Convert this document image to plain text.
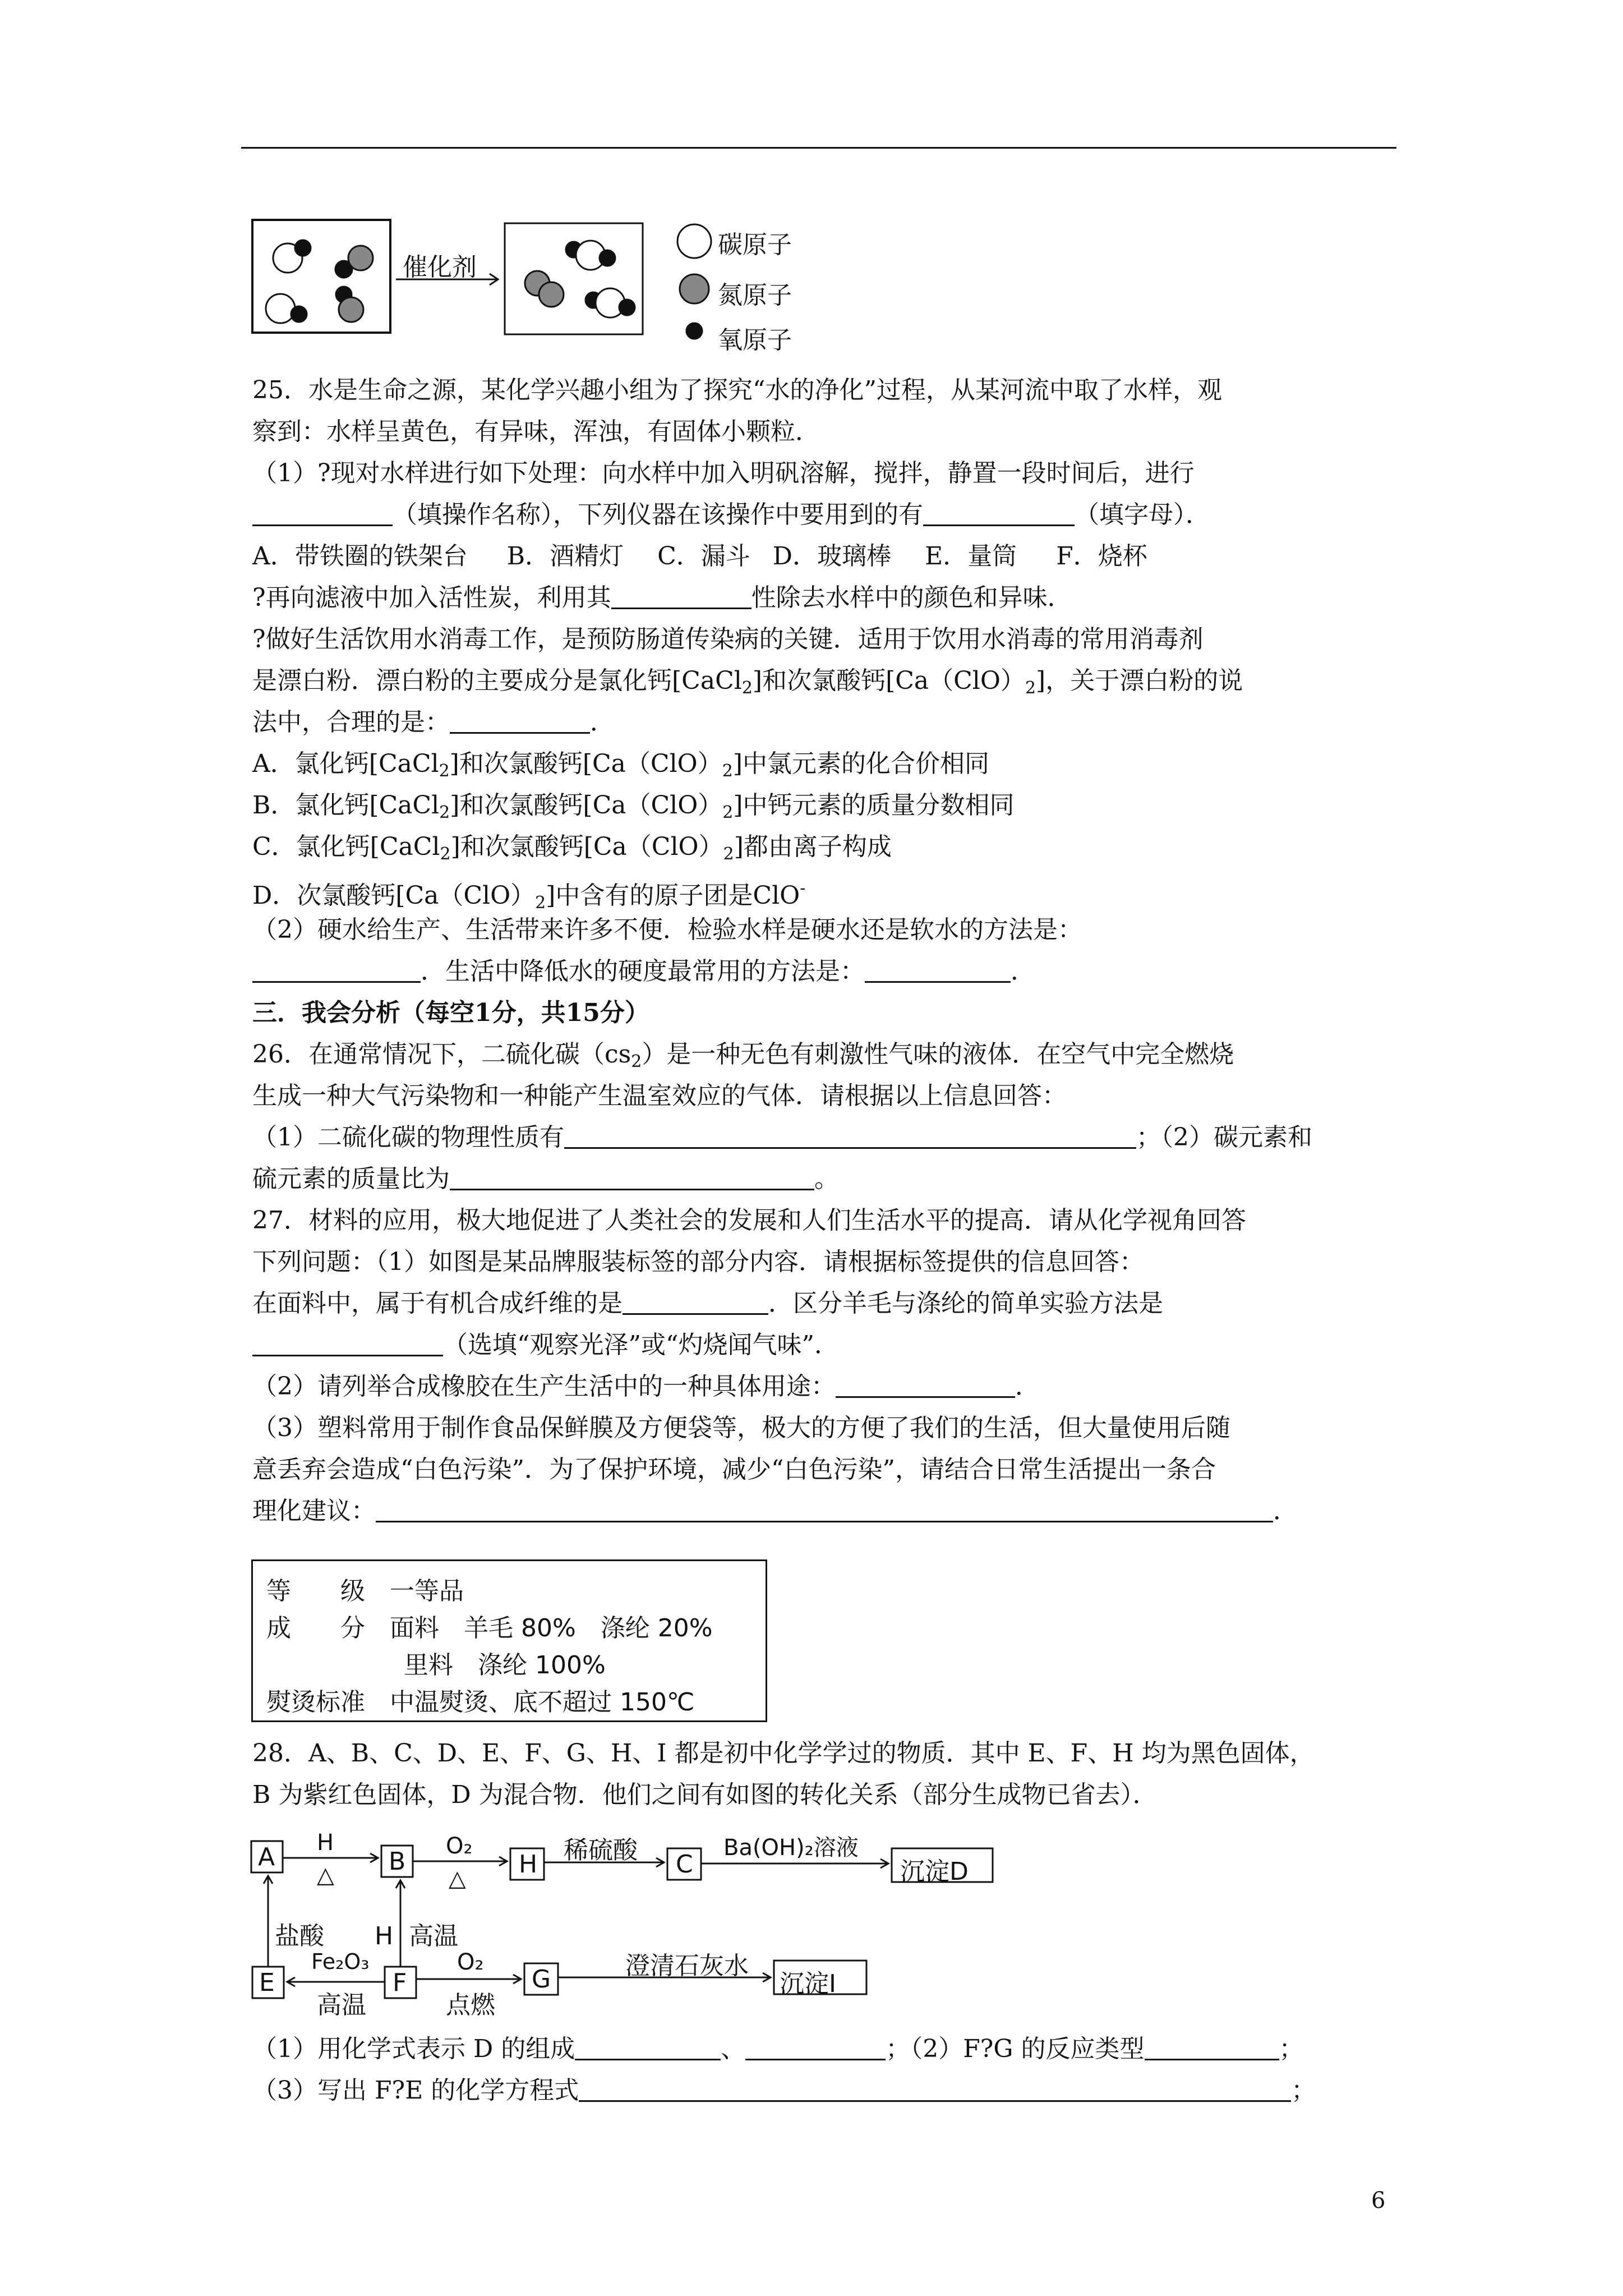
催化剂
碳原子
氮原子
氧原子
25．水是生命之源，某化学兴趣小组为了探究“水的净化”过程，从某河流中取了水样，观
察到：水样呈黄色，有异味，浑浊，有固体小颗粒．
（1）?现对水样进行如下处理：向水样中加入明矾溶解，搅拌，静置一段时间后，进行
（填操作名称），下列仪器在该操作中要用到的有	（填字母）．
A．带铁圈的铁架台 B．酒精灯 C．漏斗 D．玻璃棒 E．量筒 F．烧杯
?再向滤液中加入活性炭，利用其	性除去水样中的颜色和异味．
?做好生活饮用水消毒工作，是预防肠道传染病的关键．适用于饮用水消毒的常用消毒剂
是漂白粉．漂白粉的主要成分是氯化钙[CaCl$_2$]和次氯酸钙$[Ca(ClO)_2]$，关于漂白粉的说
法中，合理的是：	．
A．氯化钙[CaCl$_2$]和次氯酸钙$[Ca(ClO)_2]$中氯元素的化合价相同
B．氯化钙[CaCl$_2$]和次氯酸钙$[Ca(ClO)_2]$中钙元素的质量分数相同
C．氯化钙[CaCl$_2$]和次氯酸钙$[Ca(ClO)_2]$都由离子构成
D．次氯酸钙$[Ca(ClO)_2]$中含有的原子团是ClO-
（2）硬水给生产、生活带来许多不便．检验水样是硬水还是软水的方法是：
．生活中降低水的硬度最常用的方法是：	．
三．我会分析（每空1分，共15分）
26．在通常情况下，二硫化碳$(cs_2)$是一种无色有刺激性气味的液体．在空气中完全燃烧
生成一种大气污染物和一种能产生温室效应的气体．请根据以上信息回答：
（1）二硫化碳的物理性质有	；（2）碳元素和
硫元素的质量比为	。
27．材料的应用，极大地促进了人类社会的发展和人们生活水平的提高．请从化学视角回答
下列问题：（1）如图是某品牌服装标签的部分内容．请根据标签提供的信息回答：
在面料中，属于有机合成纤维的是	．区分羊毛与涤纶的简单实验方法是
（选填“观察光泽”或“灼烧闻气味”．
（2）请列举合成橡胶在生产生活中的一种具体用途：	．
（3）塑料常用于制作食品保鲜膜及方便袋等，极大的方便了我们的生活，但大量使用后随
意丢弃会造成“白色污染”．为了保护环境，减少“白色污染”，请结合日常生活提出一条合
理化建议：	．
等　　级　一等品
成　　分　面料　羊毛 80%　涤纶 20%
里料　涤纶 100%
熨烫标准　中温熨烫、底不超过 150℃
28．A、B、C、D、E、F、G、H、I 都是初中化学学过的物质．其中 E、F、H 均为黑色固体，
B 为紫红色固体，D 为混合物．他们之间有如图的转化关系（部分生成物已省去）．
A	B	H	C	沉淀D
E	F	G	沉淀I
H
△
O₂
△
稀硫酸	Ba(OH)₂溶液
盐酸 H  高温
Fe₂O₃
高温
O₂
点燃
澄清石灰水
（1）用化学式表示 D 的组成	、	；（2）F?G 的反应类型	；
（3）写出 F?E 的化学方程式	；
6
